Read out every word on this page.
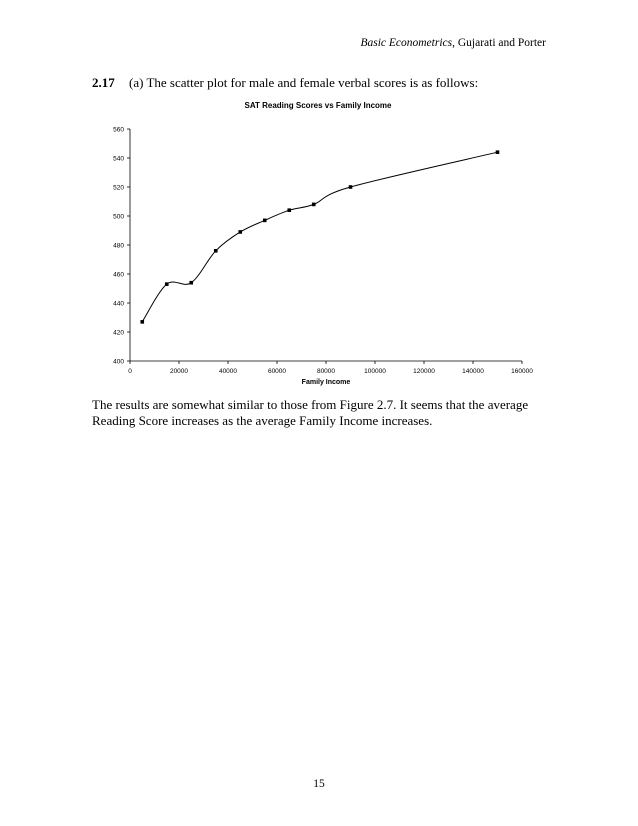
Basic Econometrics, Gujarati and Porter
2.17 (a) The scatter plot for male and female verbal scores is as follows:
SAT Reading Scores vs Family Income
400
420
440
460
480
500
520
540
560
0	20000	40000	60000	80000	100000	120000	140000	160000
Family Income
The results are somewhat similar to those from Figure 2.7. It seems that the average Reading Score increases as the average Family Income increases.
15
